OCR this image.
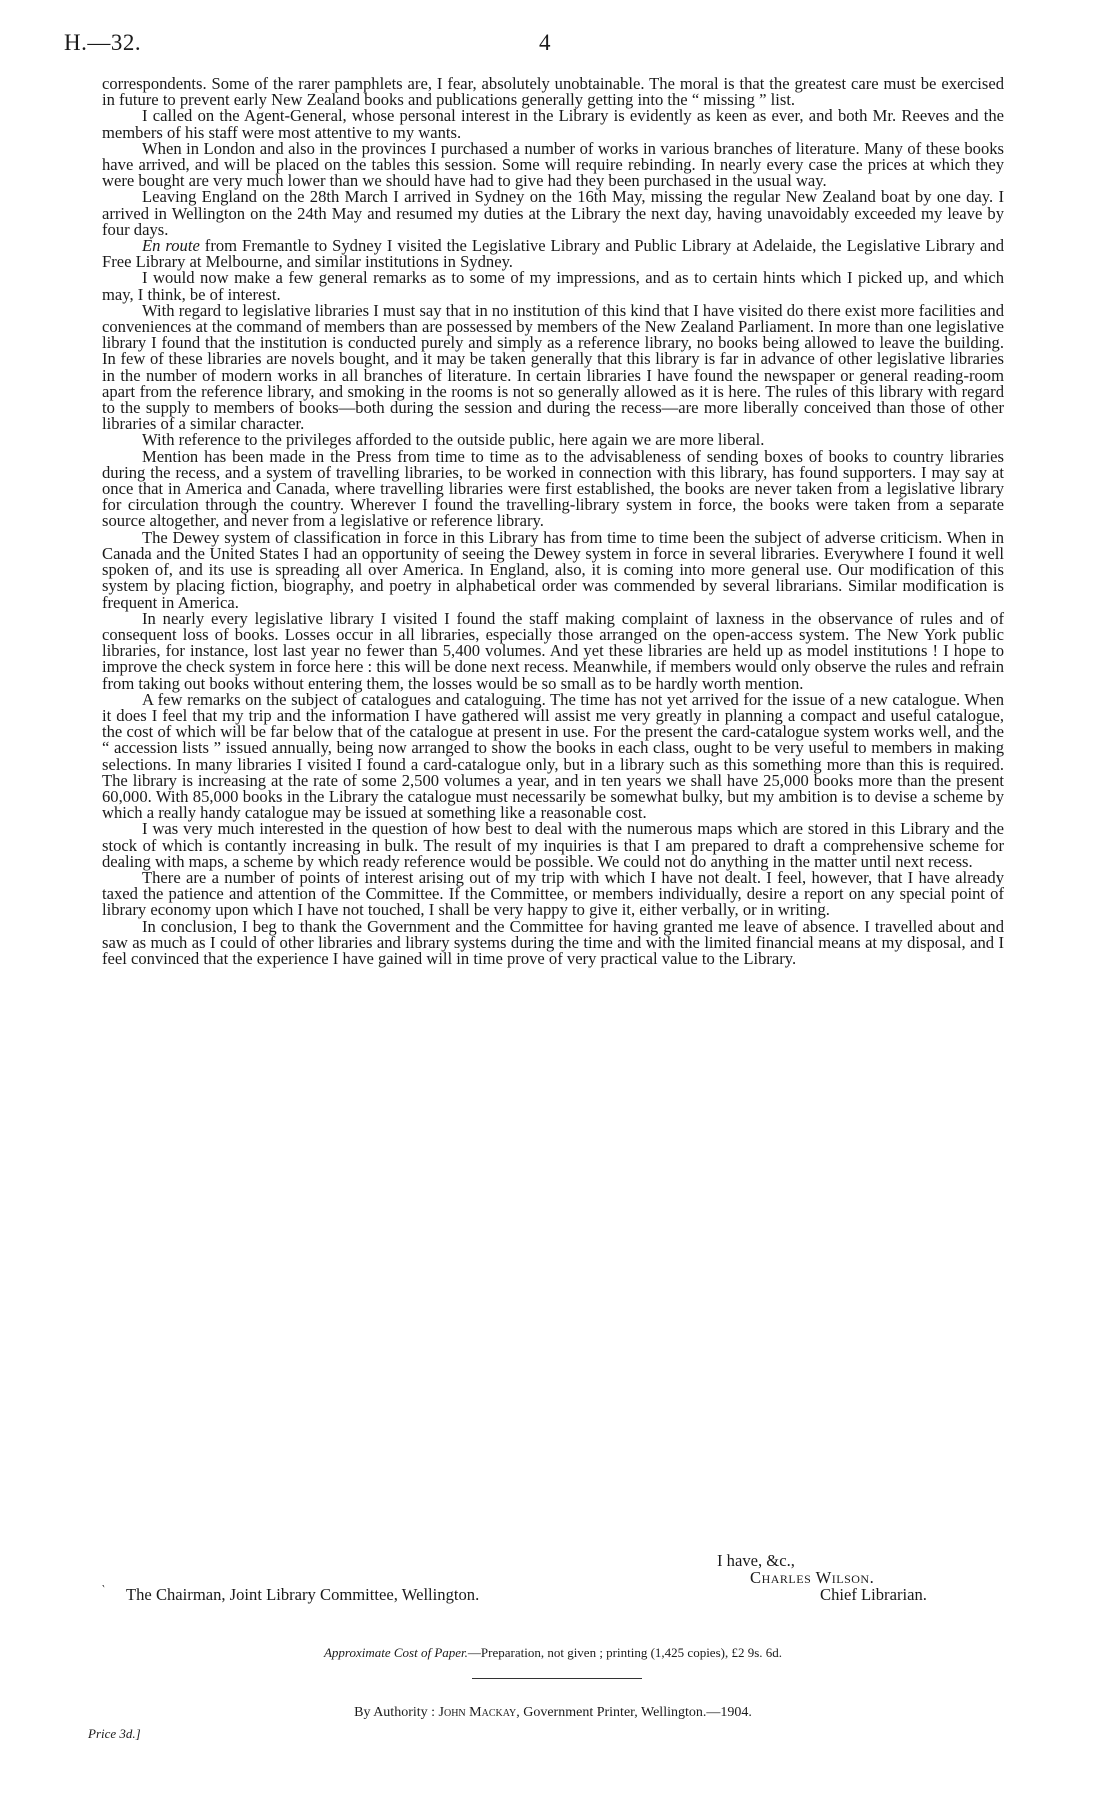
H.—32.	4

correspondents. Some of the rarer pamphlets are, I fear, absolutely unobtainable. The moral is that the greatest care must be exercised in future to prevent early New Zealand books and publications generally getting into the “ missing ” list.

I called on the Agent-General, whose personal interest in the Library is evidently as keen as ever, and both Mr. Reeves and the members of his staff were most attentive to my wants.

When in London and also in the provinces I purchased a number of works in various branches of literature. Many of these books have arrived, and will be placed on the tables this session. Some will require rebinding. In nearly every case the prices at which they were bought are very much lower than we should have had to give had they been purchased in the usual way.

Leaving England on the 28th March I arrived in Sydney on the 16th May, missing the regular New Zealand boat by one day. I arrived in Wellington on the 24th May and resumed my duties at the Library the next day, having unavoidably exceeded my leave by four days.

En route from Fremantle to Sydney I visited the Legislative Library and Public Library at Adelaide, the Legislative Library and Free Library at Melbourne, and similar institutions in Sydney.

I would now make a few general remarks as to some of my impressions, and as to certain hints which I picked up, and which may, I think, be of interest.

With regard to legislative libraries I must say that in no institution of this kind that I have visited do there exist more facilities and conveniences at the command of members than are possessed by members of the New Zealand Parliament. In more than one legislative library I found that the institution is conducted purely and simply as a reference library, no books being allowed to leave the building. In few of these libraries are novels bought, and it may be taken generally that this library is far in advance of other legislative libraries in the number of modern works in all branches of literature. In certain libraries I have found the newspaper or general reading-room apart from the reference library, and smoking in the rooms is not so generally allowed as it is here. The rules of this library with regard to the supply to members of books—both during the session and during the recess—are more liberally conceived than those of other libraries of a similar character.

With reference to the privileges afforded to the outside public, here again we are more liberal.

Mention has been made in the Press from time to time as to the advisableness of sending boxes of books to country libraries during the recess, and a system of travelling libraries, to be worked in connection with this library, has found supporters. I may say at once that in America and Canada, where travelling libraries were first established, the books are never taken from a legislative library for circulation through the country. Wherever I found the travelling-library system in force, the books were taken from a separate source altogether, and never from a legislative or reference library.

The Dewey system of classification in force in this Library has from time to time been the subject of adverse criticism. When in Canada and the United States I had an opportunity of seeing the Dewey system in force in several libraries. Everywhere I found it well spoken of, and its use is spreading all over America. In England, also, it is coming into more general use. Our modification of this system by placing fiction, biography, and poetry in alphabetical order was commended by several librarians. Similar modification is frequent in America.

In nearly every legislative library I visited I found the staff making complaint of laxness in the observance of rules and of consequent loss of books. Losses occur in all libraries, especially those arranged on the open-access system. The New York public libraries, for instance, lost last year no fewer than 5,400 volumes. And yet these libraries are held up as model institutions ! I hope to improve the check system in force here : this will be done next recess. Meanwhile, if members would only observe the rules and refrain from taking out books without entering them, the losses would be so small as to be hardly worth mention.

A few remarks on the subject of catalogues and cataloguing. The time has not yet arrived for the issue of a new catalogue. When it does I feel that my trip and the information I have gathered will assist me very greatly in planning a compact and useful catalogue, the cost of which will be far below that of the catalogue at present in use. For the present the card-catalogue system works well, and the “ accession lists ” issued annually, being now arranged to show the books in each class, ought to be very useful to members in making selections. In many libraries I visited I found a card-catalogue only, but in a library such as this something more than this is required. The library is increasing at the rate of some 2,500 volumes a year, and in ten years we shall have 25,000 books more than the present 60,000. With 85,000 books in the Library the catalogue must necessarily be somewhat bulky, but my ambition is to devise a scheme by which a really handy catalogue may be issued at something like a reasonable cost.

I was very much interested in the question of how best to deal with the numerous maps which are stored in this Library and the stock of which is contantly increasing in bulk. The result of my inquiries is that I am prepared to draft a comprehensive scheme for dealing with maps, a scheme by which ready reference would be possible. We could not do anything in the matter until next recess.

There are a number of points of interest arising out of my trip with which I have not dealt. I feel, however, that I have already taxed the patience and attention of the Committee. If the Committee, or members individually, desire a report on any special point of library economy upon which I have not touched, I shall be very happy to give it, either verbally, or in writing.

In conclusion, I beg to thank the Government and the Committee for having granted me leave of absence. I travelled about and saw as much as I could of other libraries and library systems during the time and with the limited financial means at my disposal, and I feel convinced that the experience I have gained will in time prove of very practical value to the Library.

I have, &c.,
Charles Wilson.
‵ The Chairman, Joint Library Committee, Wellington.	Chief Librarian.
Approximate Cost of Paper.—Preparation, not given ; printing (1,425 copies), £2 9s. 6d.
By Authority : John Mackay, Government Printer, Wellington.—1904.
Price 3d.]
